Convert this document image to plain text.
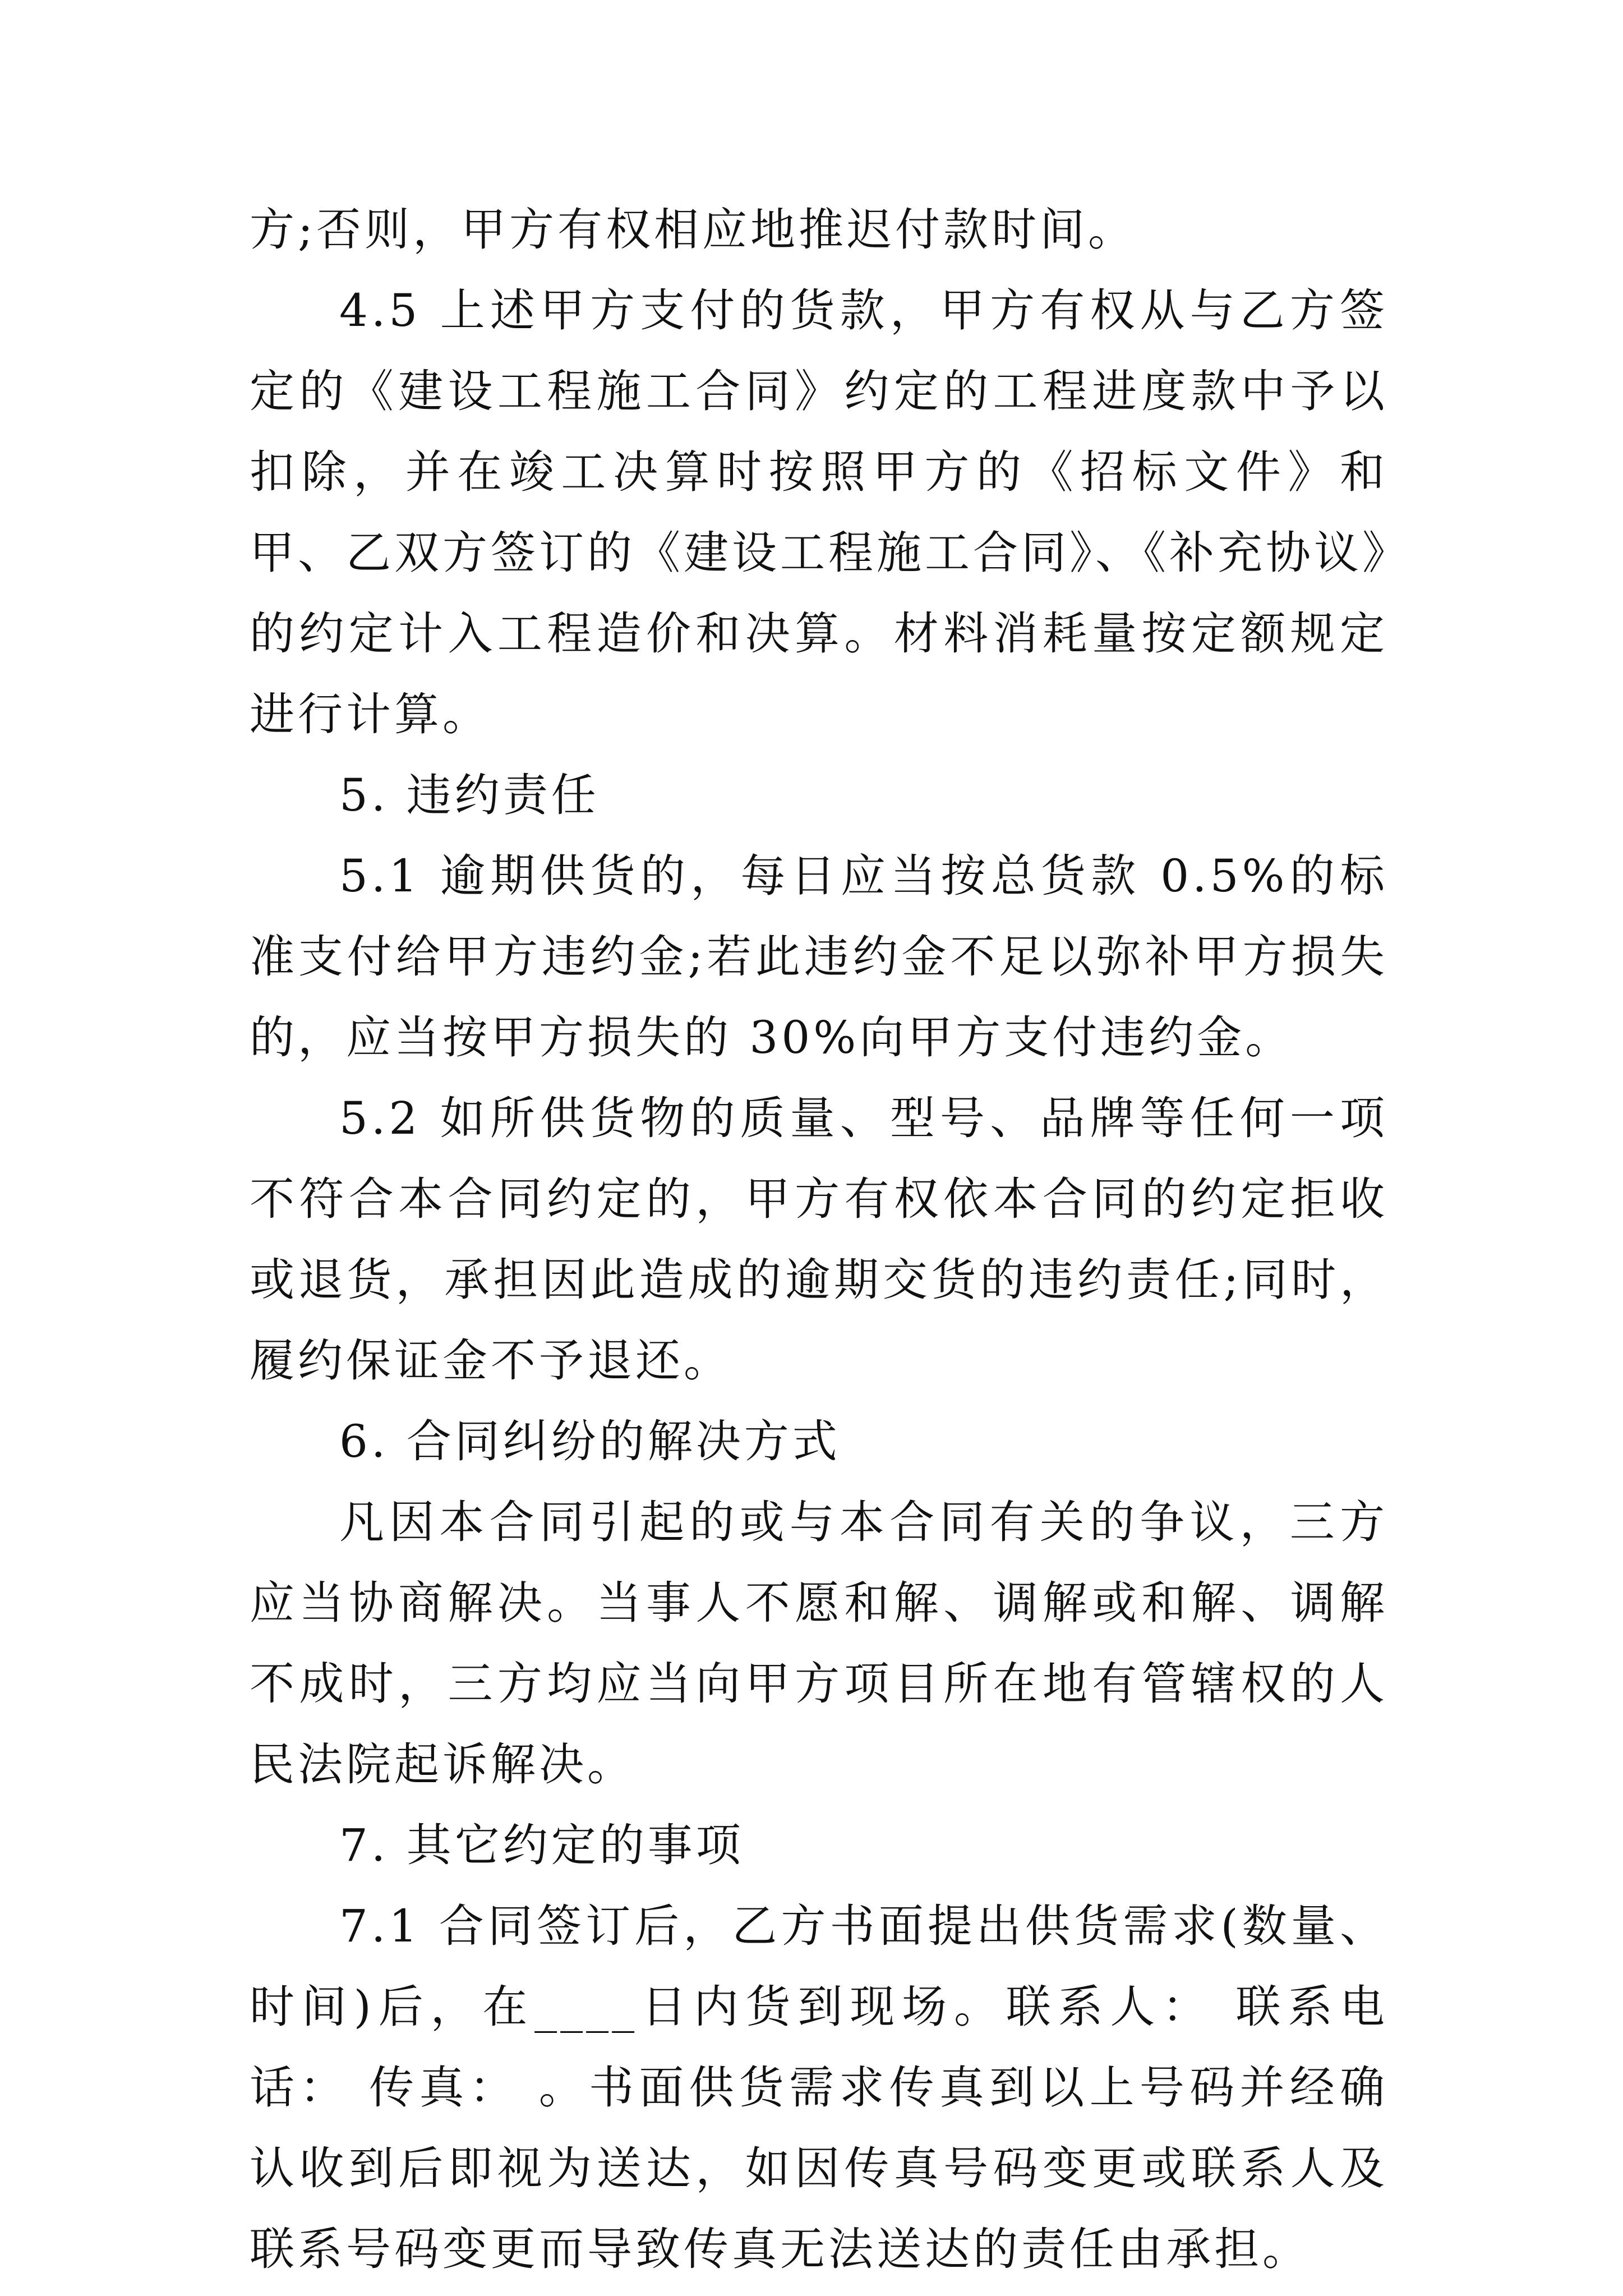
方;否则，甲方有权相应地推迟付款时间。

4.5 上述甲方支付的货款，甲方有权从与乙方签定的《建设工程施工合同》约定的工程进度款中予以扣除，并在竣工决算时按照甲方的《招标文件》和甲、乙双方签订的《建设工程施工合同》、《补充协议》的约定计入工程造价和决算。材料消耗量按定额规定进行计算。

5. 违约责任

5.1 逾期供货的，每日应当按总货款 0.5%的标准支付给甲方违约金;若此违约金不足以弥补甲方损失的，应当按甲方损失的 30%向甲方支付违约金。

5.2 如所供货物的质量、型号、品牌等任何一项不符合本合同约定的，甲方有权依本合同的约定拒收或退货，承担因此造成的逾期交货的违约责任;同时，履约保证金不予退还。

6. 合同纠纷的解决方式

凡因本合同引起的或与本合同有关的争议，三方应当协商解决。当事人不愿和解、调解或和解、调解不成时，三方均应当向甲方项目所在地有管辖权的人民法院起诉解决。

7. 其它约定的事项

7.1 合同签订后，乙方书面提出供货需求(数量、时间)后，在____日内货到现场。联系人： 联系电话： 传真： 。书面供货需求传真到以上号码并经确认收到后即视为送达，如因传真号码变更或联系人及联系号码变更而导致传真无法送达的责任由承担。
